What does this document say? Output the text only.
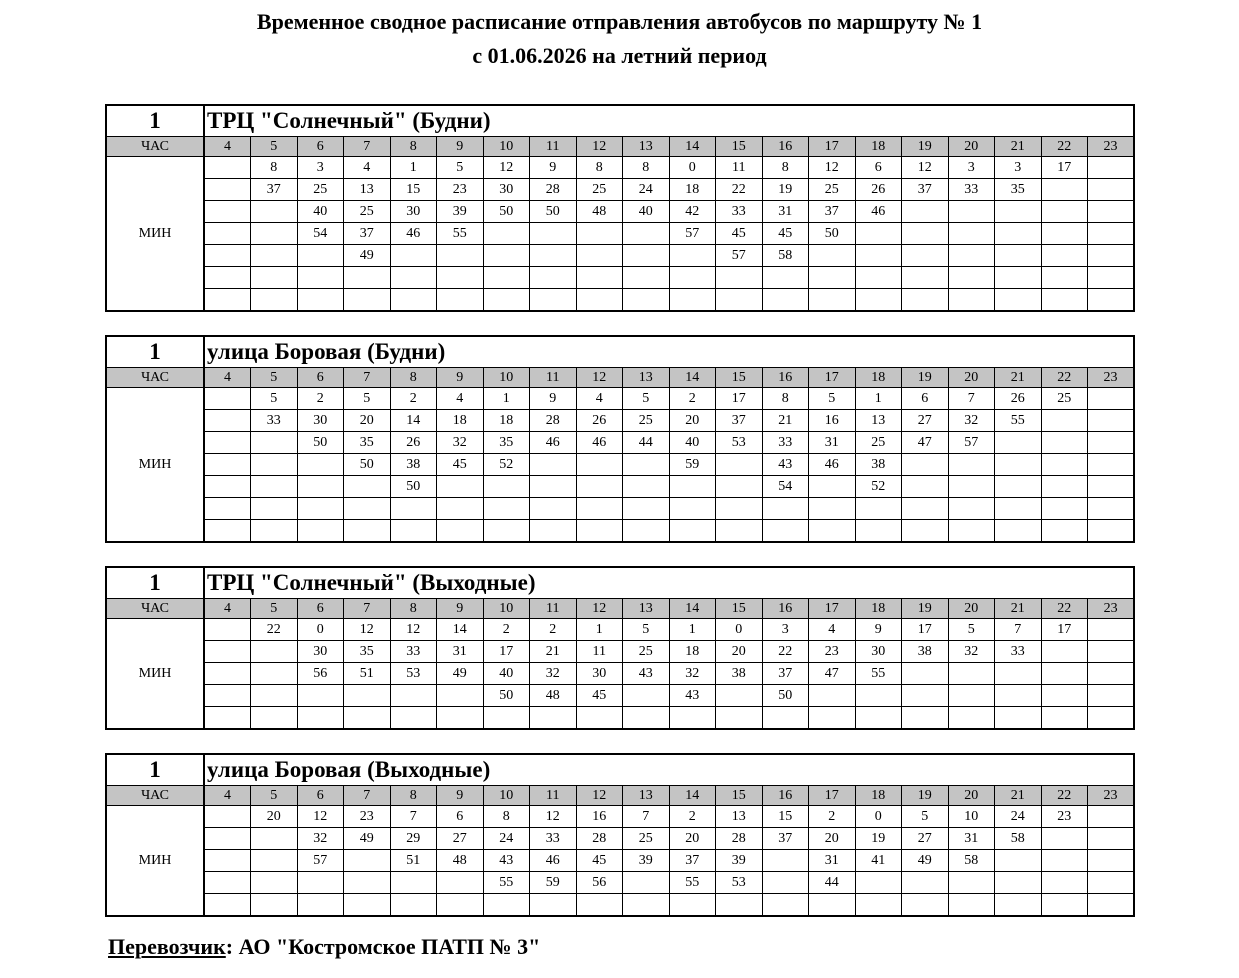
Временное сводное расписание отправления автобусов по маршруту № 1
с 01.06.2026 на летний период
1	ТРЦ "Солнечный" (Будни)																			
ЧАС	4	5	6	7	8	9	10	11	12	13	14	15	16	17	18	19	20	21	22	23
МИН		8	3	4	1	5	12	9	8	8	0	11	8	12	6	12	3	3	17	
		37	25	13	15	23	30	28	25	24	18	22	19	25	26	37	33	35		
			40	25	30	39	50	50	48	40	42	33	31	37	46					
			54	37	46	55					57	45	45	50						
				49								57	58							

1	улица Боровая (Будни)																			
ЧАС	4	5	6	7	8	9	10	11	12	13	14	15	16	17	18	19	20	21	22	23
МИН		5	2	5	2	4	1	9	4	5	2	17	8	5	1	6	7	26	25	
		33	30	20	14	18	18	28	26	25	20	37	21	16	13	27	32	55		
			50	35	26	32	35	46	46	44	40	53	33	31	25	47	57			
				50	38	45	52				59		43	46	38					
					50								54		52					

1	ТРЦ "Солнечный" (Выходные)																			
ЧАС	4	5	6	7	8	9	10	11	12	13	14	15	16	17	18	19	20	21	22	23
МИН		22	0	12	12	14	2	2	1	5	1	0	3	4	9	17	5	7	17	
			30	35	33	31	17	21	11	25	18	20	22	23	30	38	32	33		
			56	51	53	49	40	32	30	43	32	38	37	47	55					
							50	48	45		43		50							

1	улица Боровая (Выходные)																			
ЧАС	4	5	6	7	8	9	10	11	12	13	14	15	16	17	18	19	20	21	22	23
МИН		20	12	23	7	6	8	12	16	7	2	13	15	2	0	5	10	24	23	
			32	49	29	27	24	33	28	25	20	28	37	20	19	27	31	58		
			57		51	48	43	46	45	39	37	39		31	41	49	58			
							55	59	56		55	53		44						

Перевозчик: АО "Костромское ПАТП № 3"
